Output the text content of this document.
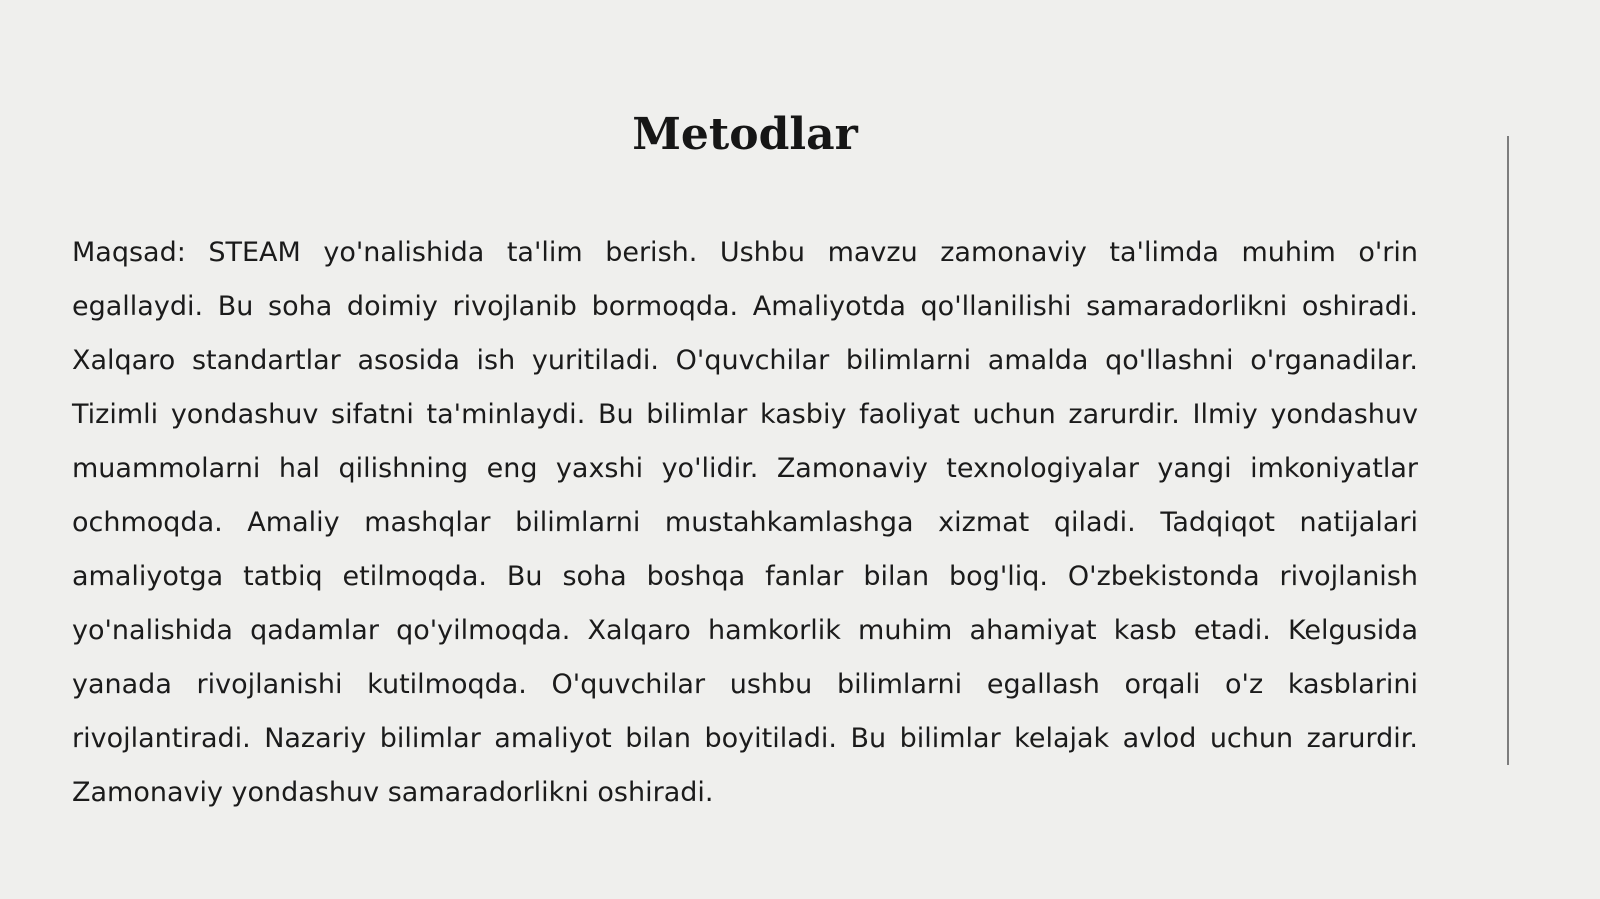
Metodlar

Maqsad: STEAM yo'nalishida ta'lim berish. Ushbu mavzu zamonaviy ta'limda muhim o'rin egallaydi. Bu soha doimiy rivojlanib bormoqda. Amaliyotda qo'llanilishi samaradorlikni oshiradi. Xalqaro standartlar asosida ish yuritiladi. O'quvchilar bilimlarni amalda qo'llashni o'rganadilar. Tizimli yondashuv sifatni ta'minlaydi. Bu bilimlar kasbiy faoliyat uchun zarurdir. Ilmiy yondashuv muammolarni hal qilishning eng yaxshi yo'lidir. Zamonaviy texnologiyalar yangi imkoniyatlar ochmoqda. Amaliy mashqlar bilimlarni mustahkamlashga xizmat qiladi. Tadqiqot natijalari amaliyotga tatbiq etilmoqda. Bu soha boshqa fanlar bilan bog'liq. O'zbekistonda rivojlanish yo'nalishida qadamlar qo'yilmoqda. Xalqaro hamkorlik muhim ahamiyat kasb etadi. Kelgusida yanada rivojlanishi kutilmoqda. O'quvchilar ushbu bilimlarni egallash orqali o'z kasblarini rivojlantiradi. Nazariy bilimlar amaliyot bilan boyitiladi. Bu bilimlar kelajak avlod uchun zarurdir. Zamonaviy yondashuv samaradorlikni oshiradi.
